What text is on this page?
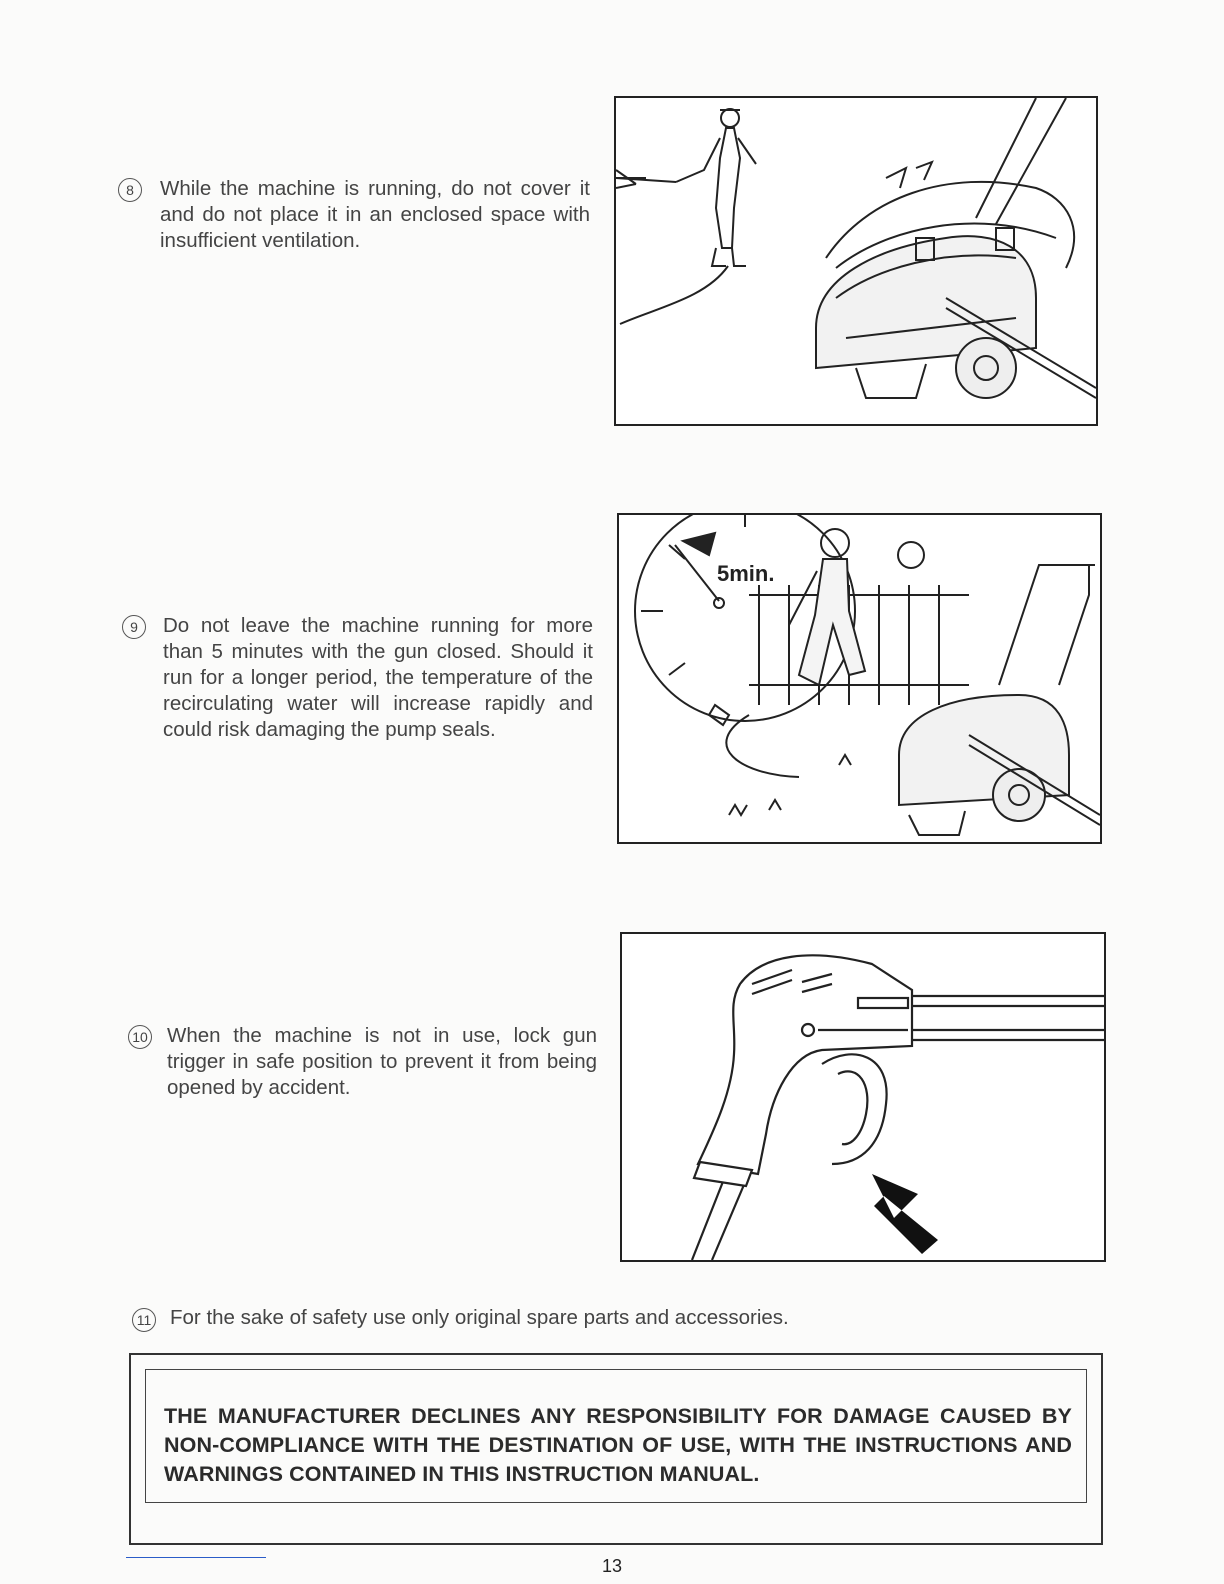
8	While the machine is running, do not cover it and do not place it in an enclosed space with insufficient ventilation.
9	Do not leave the machine running for more than 5 minutes with the gun closed. Should it run for a longer period, the temperature of the recirculating water will increase rapidly and could risk damaging the pump seals.
5min.
10 When the machine is not in use, lock gun trigger in safe position to prevent it from being opened by accident.
11 For the sake of safety use only original spare parts and accessories.
THE MANUFACTURER DECLINES ANY RESPONSIBILITY FOR DAMAGE CAUSED BY NON-COMPLIANCE WITH THE DESTINATION OF USE, WITH THE INSTRUCTIONS AND WARNINGS CONTAINED IN THIS INSTRUCTION MANUAL.
13
